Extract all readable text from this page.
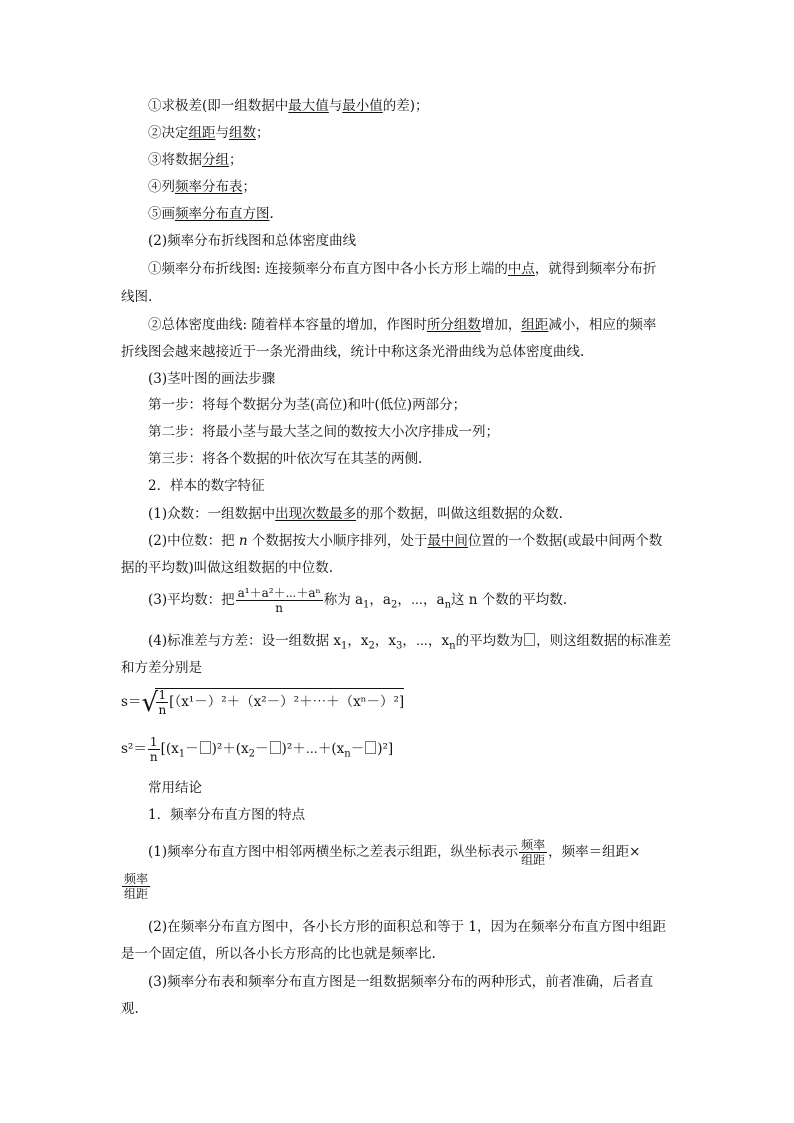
①求极差(即一组数据中最大值与最小值的差)；
②决定组距与组数；
③将数据分组；
④列频率分布表；
⑤画频率分布直方图.
(2)频率分布折线图和总体密度曲线
①频率分布折线图: 连接频率分布直方图中各小长方形上端的中点，就得到频率分布折
线图.
②总体密度曲线: 随着样本容量的增加，作图时所分组数增加，组距减小，相应的频率
折线图会越来越接近于一条光滑曲线，统计中称这条光滑曲线为总体密度曲线.
(3)茎叶图的画法步骤
第一步：将每个数据分为茎(高位)和叶(低位)两部分；
第二步：将最小茎与最大茎之间的数按大小次序排成一列；
第三步：将各个数据的叶依次写在其茎的两侧.
2．样本的数字特征
(1)众数：一组数据中出现次数最多的那个数据，叫做这组数据的众数.
(2)中位数：把 n 个数据按大小顺序排列，处于最中间位置的一个数据(或最中间两个数
据的平均数)叫做这组数据的中位数.
(3)平均数：把 $\frac{\text{a¹＋a²＋⋯＋aⁿ}}{n}$ 称为 $a_1$，$a_2$，⋯，$a_n$这 n 个数的平均数.
(4)标准差与方差：设一组数据 $x_1$，$x_2$，$x_3$，⋯，$x_n$的平均数为 ，则这组数据的标准差
和方差分别是
s＝ √
$\frac{1}{n}$ [（x¹－）²＋（x²－）²＋⋯＋（xⁿ－）²]
$s^2= \frac{1}{n} [(x_1- )^2+(x_2-$ )$^2+\cdots+(x_n- )^2$]
常用结论
1．频率分布直方图的特点
(1)频率分布直方图中相邻两横坐标之差表示组距，纵坐标表示 $\frac{\text{频率}}{\text{组距}}$ ，频率＝组距×
$\frac{\text{频率}}{\text{组距}}$
(2)在频率分布直方图中，各小长方形的面积总和等于 1，因为在频率分布直方图中组距
是一个固定值，所以各小长方形高的比也就是频率比.
(3)频率分布表和频率分布直方图是一组数据频率分布的两种形式，前者准确，后者直
观.
